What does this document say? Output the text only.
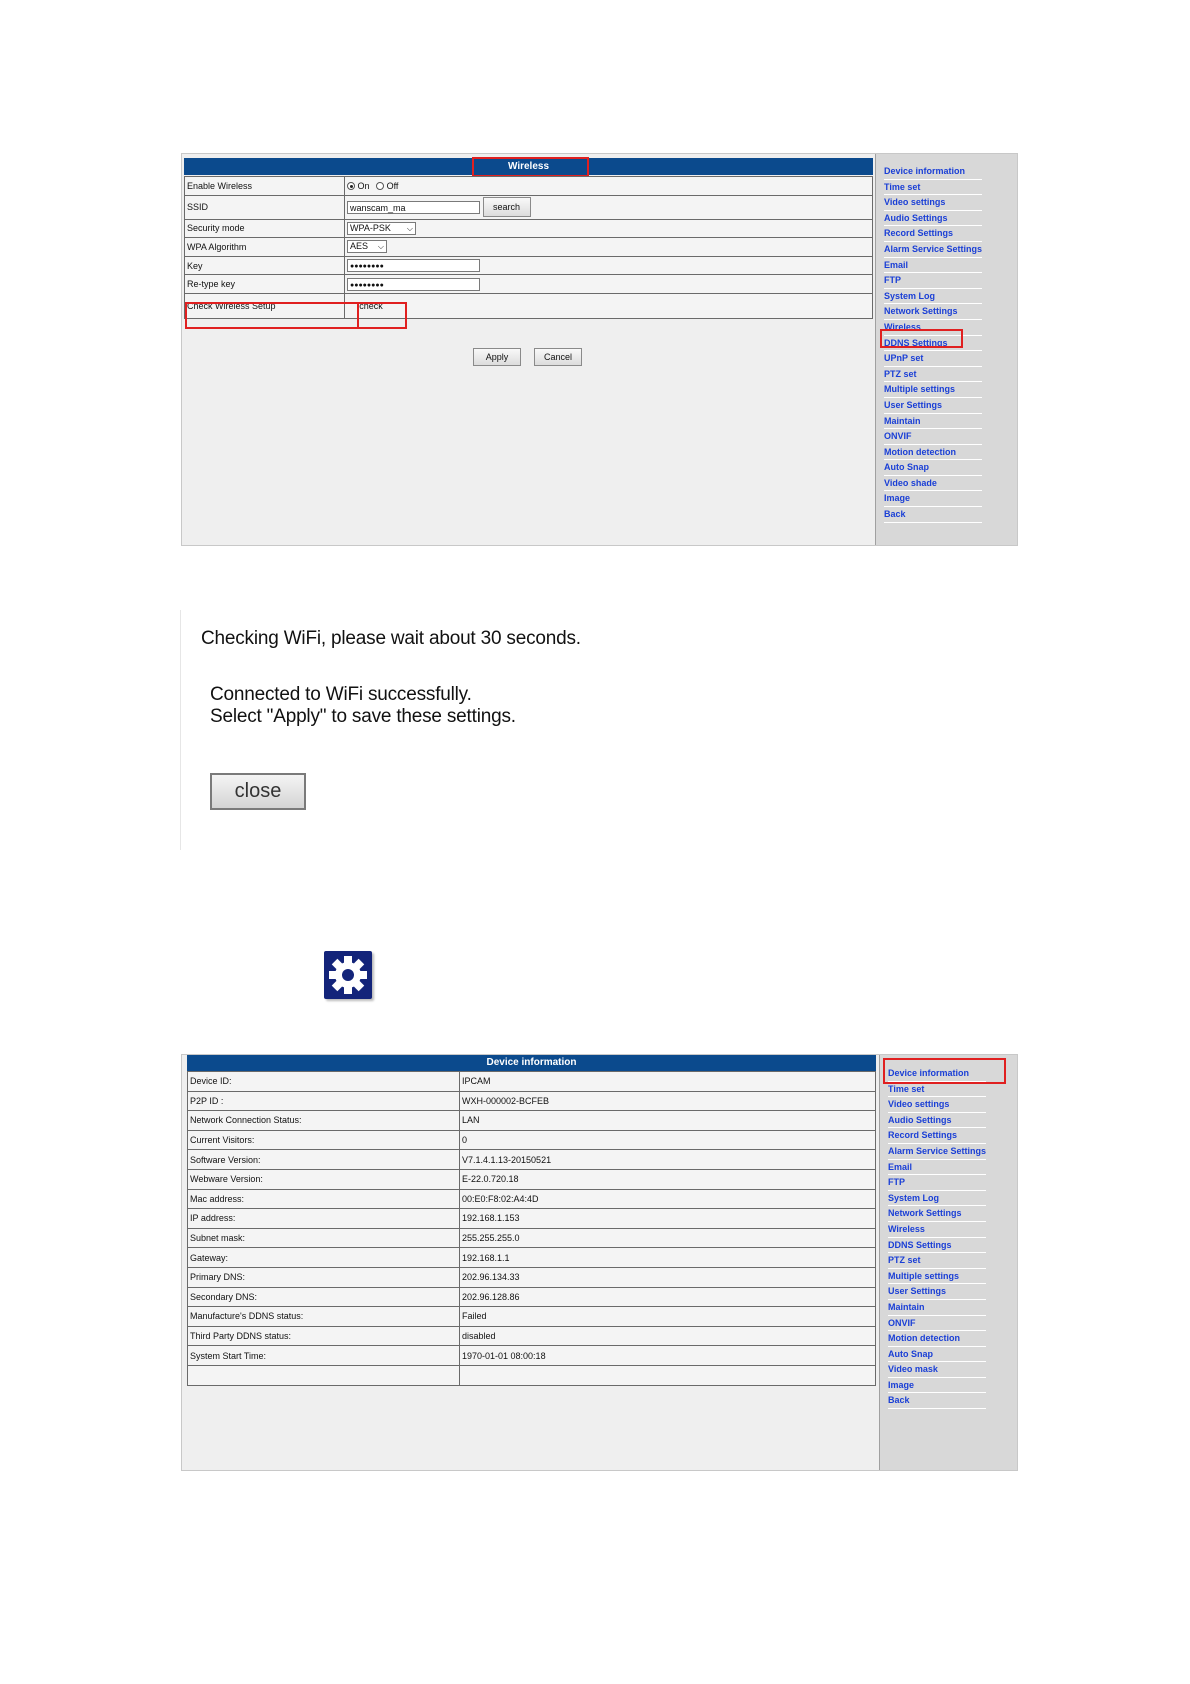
Wireless
Enable Wireless	On Off
SSID	wanscam_ma search
Security mode	WPA-PSK ⌵

WPA Algorithm	AES ⌵

Key	●●●●●●●●
Re-type key	●●●●●●●●
Check Wireless Setup	check
Apply	Cancel
Device information
Time set
Video settings
Audio Settings
Record Settings
Alarm Service Settings
Email
FTP
System Log
Network Settings
Wireless
DDNS Settings
UPnP set
PTZ set
Multiple settings
User Settings
Maintain
ONVIF
Motion detection
Auto Snap
Video shade
Image
Back
Checking WiFi, please wait about 30 seconds.
Connected to WiFi successfully.
Select "Apply" to save these settings.
close
Device information
Device ID:	IPCAM
P2P ID :	WXH-000002-BCFEB
Network Connection Status:	LAN
Current Visitors:	0
Software Version:	V7.1.4.1.13-20150521
Webware Version:	E-22.0.720.18
Mac address:	00:E0:F8:02:A4:4D
IP address:	192.168.1.153
Subnet mask:	255.255.255.0
Gateway:	192.168.1.1
Primary DNS:	202.96.134.33
Secondary DNS:	202.96.128.86
Manufacture's DDNS status:	Failed
Third Party DDNS status:	disabled
System Start Time:	1970-01-01 08:00:18

Device information
Time set
Video settings
Audio Settings
Record Settings
Alarm Service Settings
Email
FTP
System Log
Network Settings
Wireless
DDNS Settings
PTZ set
Multiple settings
User Settings
Maintain
ONVIF
Motion detection
Auto Snap
Video mask
Image
Back
